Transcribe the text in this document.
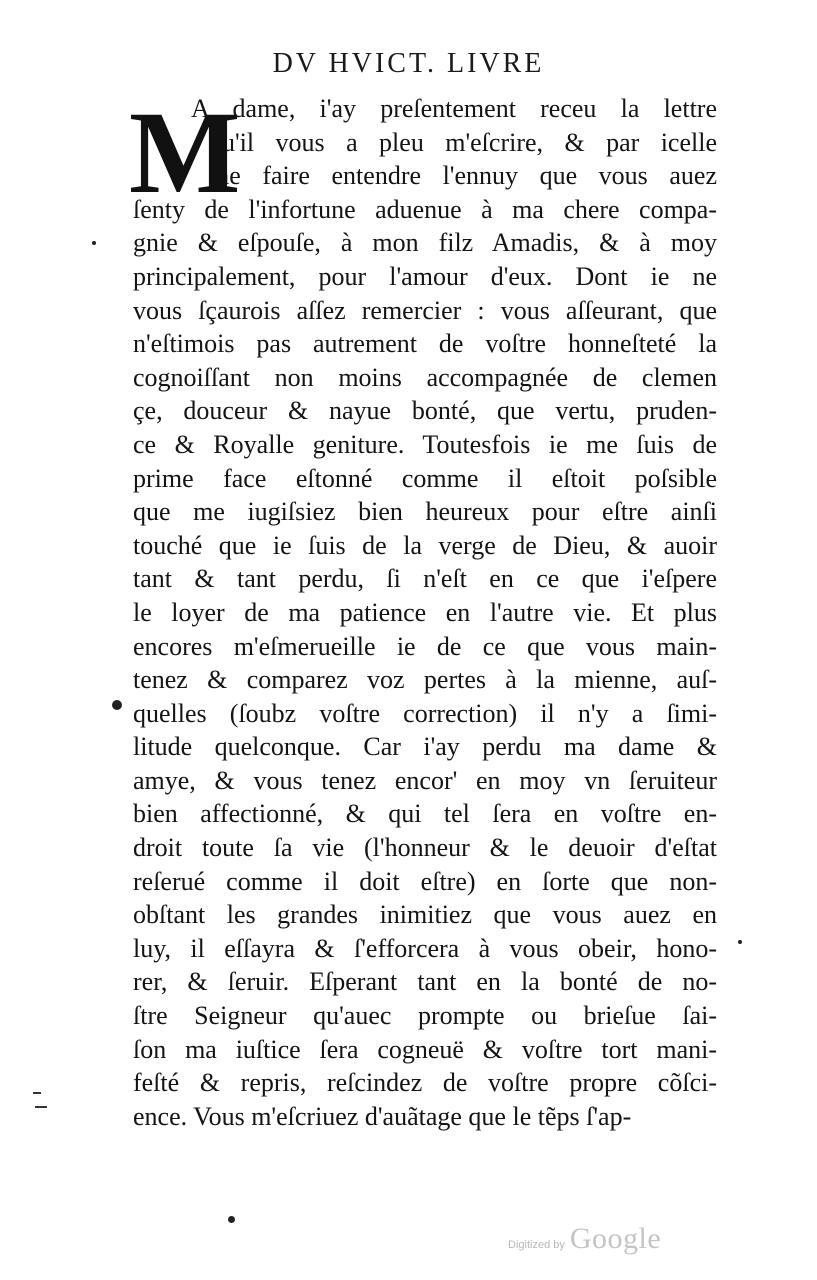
DV HVICT. LIVRE
M
A dame, i'ay preſentement receu la lettre
qu'il vous a pleu m'eſcrire, & par icelle
me faire entendre l'ennuy que vous auez
ſenty de l'infortune aduenue à ma chere compa-
gnie & eſpouſe, à mon filz Amadis, & à moy
principalement, pour l'amour d'eux. Dont ie ne
vous ſçaurois aſſez remercier : vous aſſeurant, que
n'eſtimois pas autrement de voſtre honneſteté la
cognoiſſant non moins accompagnée de clemen
çe, douceur & nayue bonté, que vertu, pruden-
ce & Royalle geniture. Toutesfois ie me ſuis de
prime face eſtonné comme il eſtoit poſsible
que me iugiſsiez bien heureux pour eſtre ainſi
touché que ie ſuis de la verge de Dieu, & auoir
tant & tant perdu, ſi n'eſt en ce que i'eſpere
le loyer de ma patience en l'autre vie. Et plus
encores m'eſmerueille ie de ce que vous main-
tenez & comparez voz pertes à la mienne, auſ-
quelles (ſoubz voſtre correction) il n'y a ſimi-
litude quelconque. Car i'ay perdu ma dame &
amye, & vous tenez encor' en moy vn ſeruiteur
bien affectionné, & qui tel ſera en voſtre en-
droit toute ſa vie (l'honneur & le deuoir d'eſtat
reſerué comme il doit eſtre) en ſorte que non-
obſtant les grandes inimitiez que vous auez en
luy, il eſſayra & ſ'efforcera à vous obeir, hono-
rer, & ſeruir. Eſperant tant en la bonté de no-
ſtre Seigneur qu'auec prompte ou brieſue ſai-
ſon ma iuſtice ſera cogneuë & voſtre tort mani-
feſté & repris, reſcindez de voſtre propre cõſci-
ence. Vous m'eſcriuez d'auãtage que le tẽps ſ'ap-
Digitized by Google
